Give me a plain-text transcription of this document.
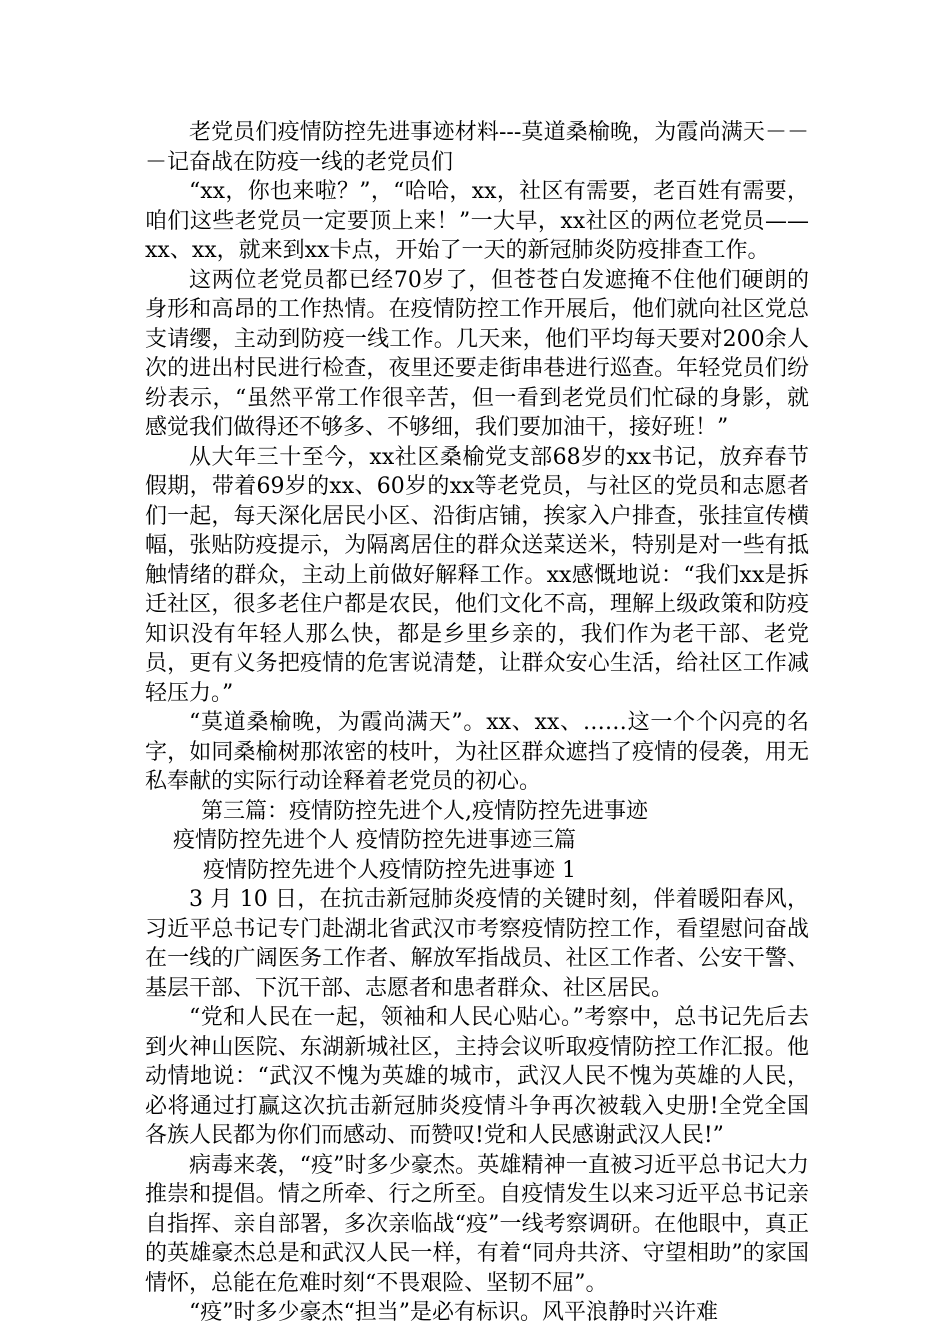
老党员们疫情防控先进事迹材料---莫道桑榆晚，为霞尚满天－－－记奋战在防疫一线的老党员们

“xx，你也来啦？”，“哈哈，xx，社区有需要，老百姓有需要，咱们这些老党员一定要顶上来！”一大早，xx社区的两位老党员——xx、xx，就来到xx卡点，开始了一天的新冠肺炎防疫排查工作。

这两位老党员都已经70岁了，但苍苍白发遮掩不住他们硬朗的身形和高昂的工作热情。在疫情防控工作开展后，他们就向社区党总支请缨，主动到防疫一线工作。几天来，他们平均每天要对200余人次的进出村民进行检查，夜里还要走街串巷进行巡查。年轻党员们纷纷表示，“虽然平常工作很辛苦，但一看到老党员们忙碌的身影，就感觉我们做得还不够多、不够细，我们要加油干，接好班！”

从大年三十至今，xx社区桑榆党支部68岁的xx书记，放弃春节假期，带着69岁的xx、60岁的xx等老党员，与社区的党员和志愿者们一起，每天深化居民小区、沿街店铺，挨家入户排查，张挂宣传横幅，张贴防疫提示，为隔离居住的群众送菜送米，特别是对一些有抵触情绪的群众，主动上前做好解释工作。xx感慨地说：“我们xx是拆迁社区，很多老住户都是农民，他们文化不高，理解上级政策和防疫知识没有年轻人那么快，都是乡里乡亲的，我们作为老干部、老党员，更有义务把疫情的危害说清楚，让群众安心生活，给社区工作减轻压力。”

“莫道桑榆晚，为霞尚满天”。xx、xx、……这一个个闪亮的名字，如同桑榆树那浓密的枝叶，为社区群众遮挡了疫情的侵袭，用无私奉献的实际行动诠释着老党员的初心。

第三篇：疫情防控先进个人,疫情防控先进事迹

疫情防控先进个人 疫情防控先进事迹三篇

疫情防控先进个人疫情防控先进事迹 1

3 月 10 日，在抗击新冠肺炎疫情的关键时刻，伴着暖阳春风，习近平总书记专门赴湖北省武汉市考察疫情防控工作，看望慰问奋战在一线的广阔医务工作者、解放军指战员、社区工作者、公安干警、基层干部、下沉干部、志愿者和患者群众、社区居民。

“党和人民在一起，领袖和人民心贴心。”考察中，总书记先后去到火神山医院、东湖新城社区，主持会议听取疫情防控工作汇报。他动情地说：“武汉不愧为英雄的城市，武汉人民不愧为英雄的人民，必将通过打赢这次抗击新冠肺炎疫情斗争再次被载入史册!全党全国各族人民都为你们而感动、而赞叹!党和人民感谢武汉人民!”

病毒来袭，“疫”时多少豪杰。英雄精神一直被习近平总书记大力推崇和提倡。情之所牵、行之所至。自疫情发生以来习近平总书记亲自指挥、亲自部署，多次亲临战“疫”一线考察调研。在他眼中，真正的英雄豪杰总是和武汉人民一样，有着“同舟共济、守望相助”的家国情怀，总能在危难时刻“不畏艰险、坚韧不屈”。

“疫”时多少豪杰“担当”是必有标识。风平浪静时兴许难
